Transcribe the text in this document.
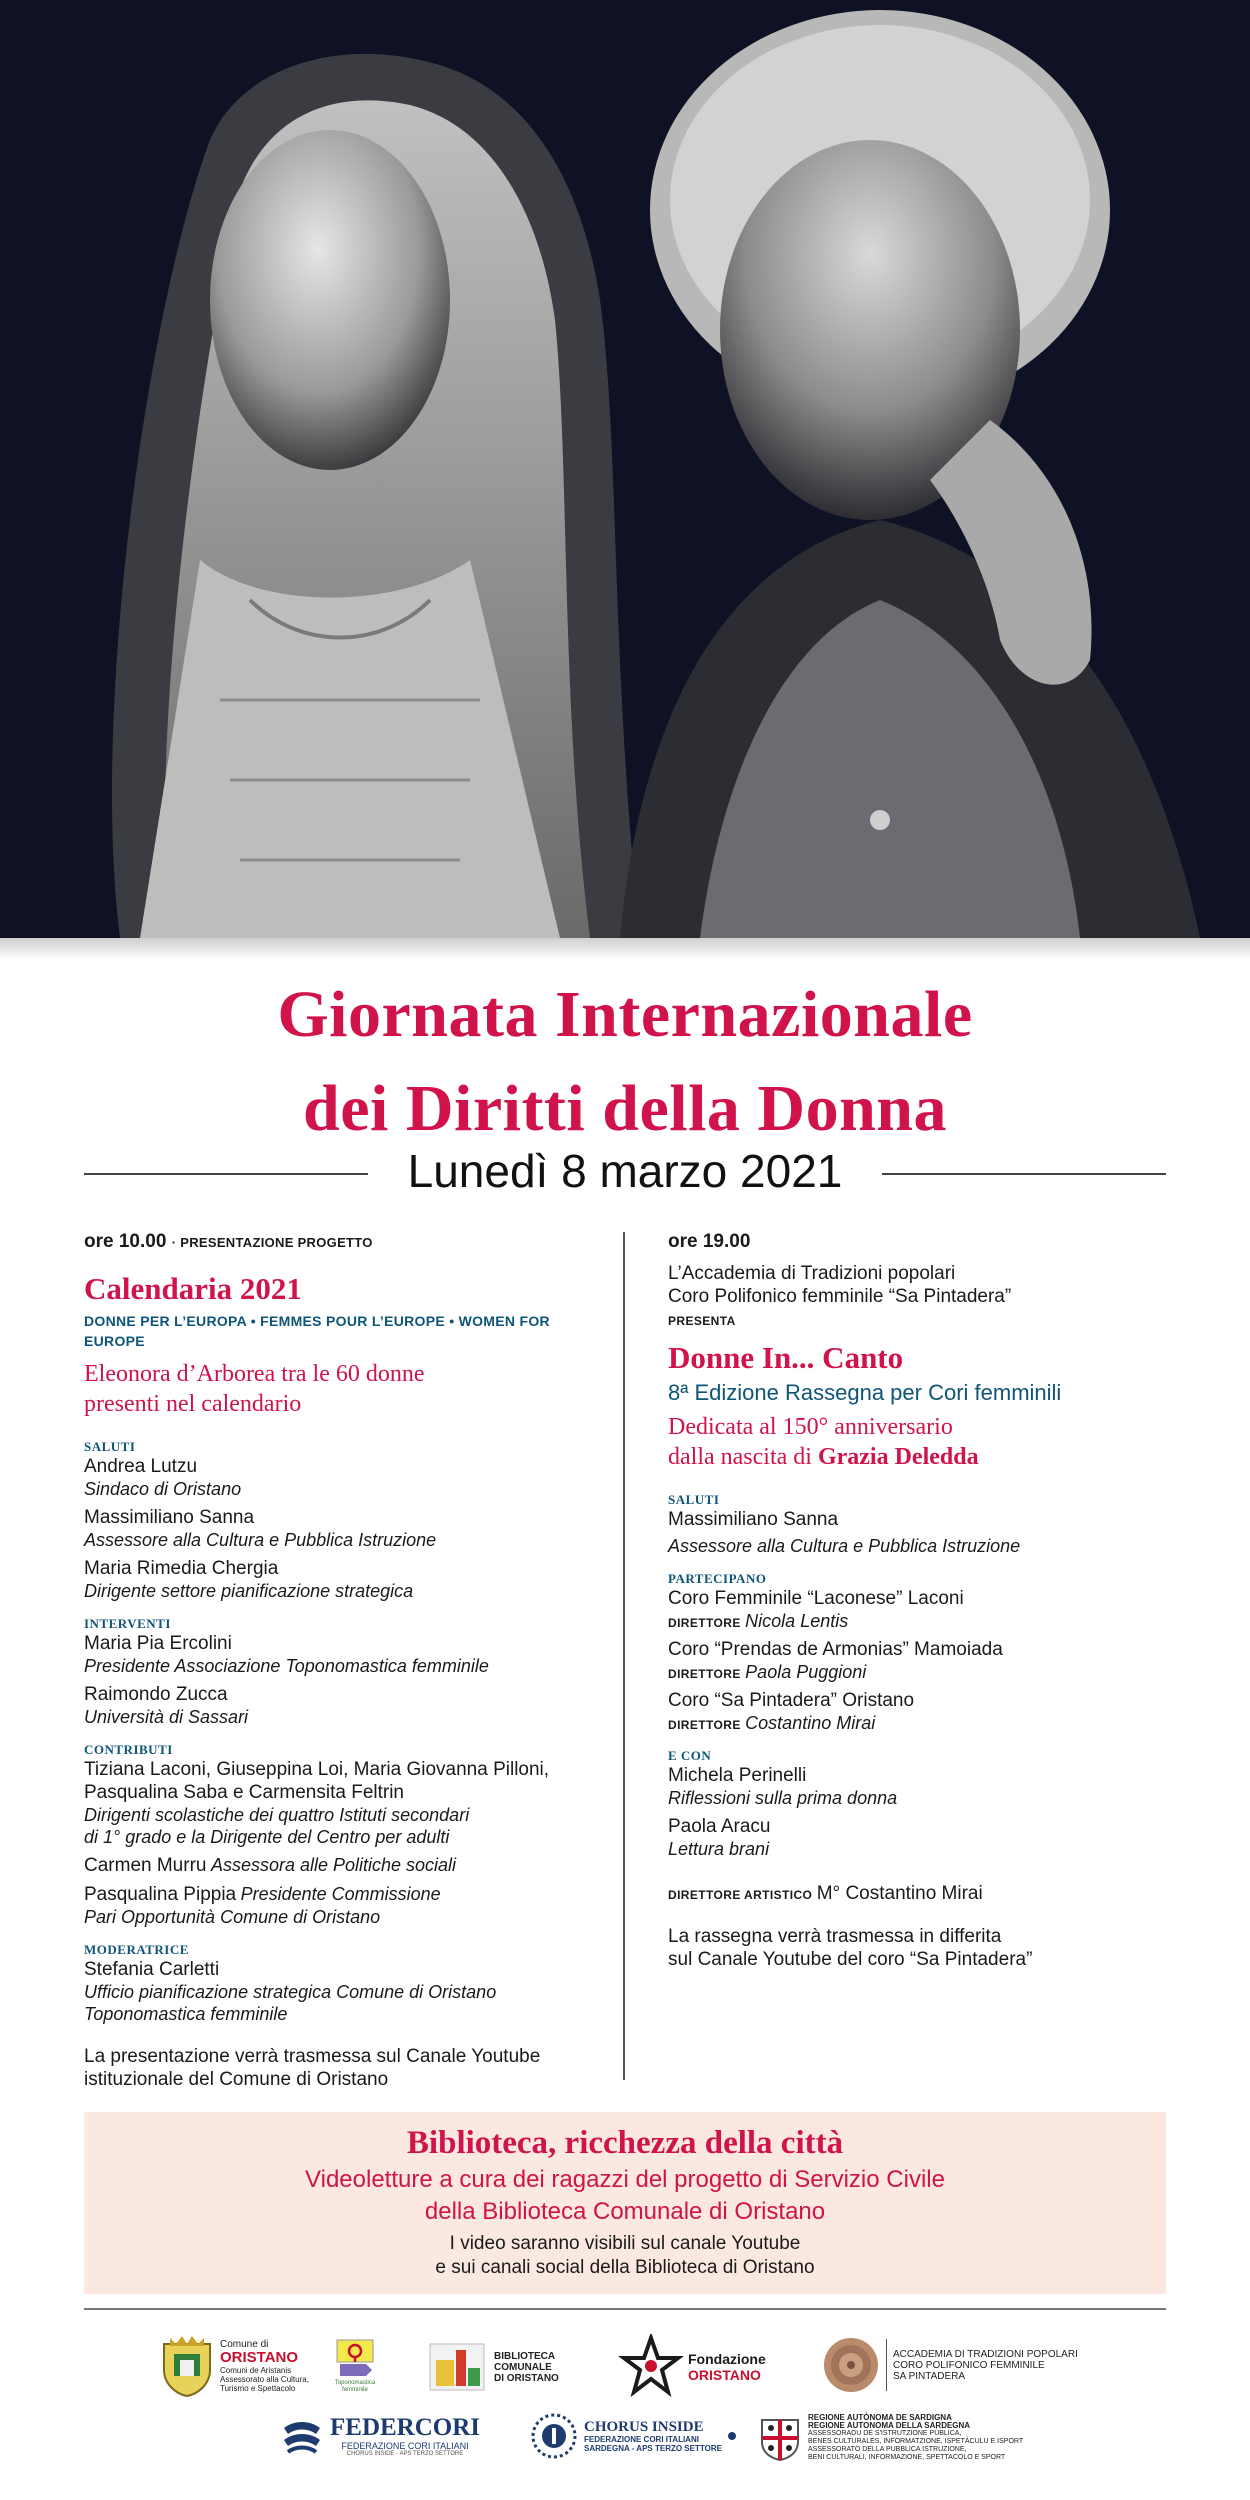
Giornata Internazionale
dei Diritti della Donna
Lunedì 8 marzo 2021
ore 10.00 · PRESENTAZIONE PROGETTO
Calendaria 2021
DONNE PER L’EUROPA • FEMMES POUR L’EUROPE • WOMEN FOR EUROPE
Eleonora d’Arborea tra le 60 donne
presenti nel calendario
SALUTI
Andrea Lutzu
Sindaco di Oristano
Massimiliano Sanna
Assessore alla Cultura e Pubblica Istruzione
Maria Rimedia Chergia
Dirigente settore pianificazione strategica
INTERVENTI
Maria Pia Ercolini
Presidente Associazione Toponomastica femminile
Raimondo Zucca
Università di Sassari
CONTRIBUTI
Tiziana Laconi, Giuseppina Loi, Maria Giovanna Pilloni,
Pasqualina Saba e Carmensita Feltrin
Dirigenti scolastiche dei quattro Istituti secondari
di 1° grado e la Dirigente del Centro per adulti
Carmen Murru Assessora alle Politiche sociali
Pasqualina Pippia Presidente Commissione
Pari Opportunità Comune di Oristano
MODERATRICE
Stefania Carletti
Ufficio pianificazione strategica Comune di Oristano
Toponomastica femminile
La presentazione verrà trasmessa sul Canale Youtube
istituzionale del Comune di Oristano
ore 19.00
L’Accademia di Tradizioni popolari
Coro Polifonico femminile “Sa Pintadera”
PRESENTA
Donne In... Canto
8ª Edizione Rassegna per Cori femminili
Dedicata al 150° anniversario
dalla nascita di Grazia Deledda
SALUTI
Massimiliano Sanna
Assessore alla Cultura e Pubblica Istruzione
PARTECIPANO
Coro Femminile “Laconese” Laconi
DIRETTORE Nicola Lentis
Coro “Prendas de Armonias” Mamoiada
DIRETTORE Paola Puggioni
Coro “Sa Pintadera” Oristano
DIRETTORE Costantino Mirai
E CON
Michela Perinelli
Riflessioni sulla prima donna
Paola Aracu
Lettura brani
DIRETTORE ARTISTICO M° Costantino Mirai
La rassegna verrà trasmessa in differita
sul Canale Youtube del coro “Sa Pintadera”
Biblioteca, ricchezza della città
Videoletture a cura dei ragazzi del progetto di Servizio Civile
della Biblioteca Comunale di Oristano
I video saranno visibili sul canale Youtube
e sui canali social della Biblioteca di Oristano
Comune di
ORISTANO
Comuni de Aristanis
Assessorato alla Cultura,
Turismo e Spettacolo
Toponomastica femminile
BIBLIOTECA
COMUNALE
DI ORISTANO
Fondazione
ORISTANO
ACCADEMIA DI TRADIZIONI POPOLARI
CORO POLIFONICO FEMMINILE
SA PINTADERA
FEDERCORI
FEDERAZIONE CORI ITALIANI
CHORUS INSIDE - APS TERZO SETTORE
CHORUS INSIDE
FEDERAZIONE CORI ITALIANI
SARDEGNA - APS TERZO SETTORE
REGIONE AUTÒNOMA DE SARDIGNA
REGIONE AUTONOMA DELLA SARDEGNA
ASSESSORADU DE S'ISTRUTZIONE PÙBLICA,
BENES CULTURALES, INFORMATZIONE, ISPETÀCULU E ISPORT
ASSESSORATO DELLA PUBBLICA ISTRUZIONE,
BENI CULTURALI, INFORMAZIONE, SPETTACOLO E SPORT
